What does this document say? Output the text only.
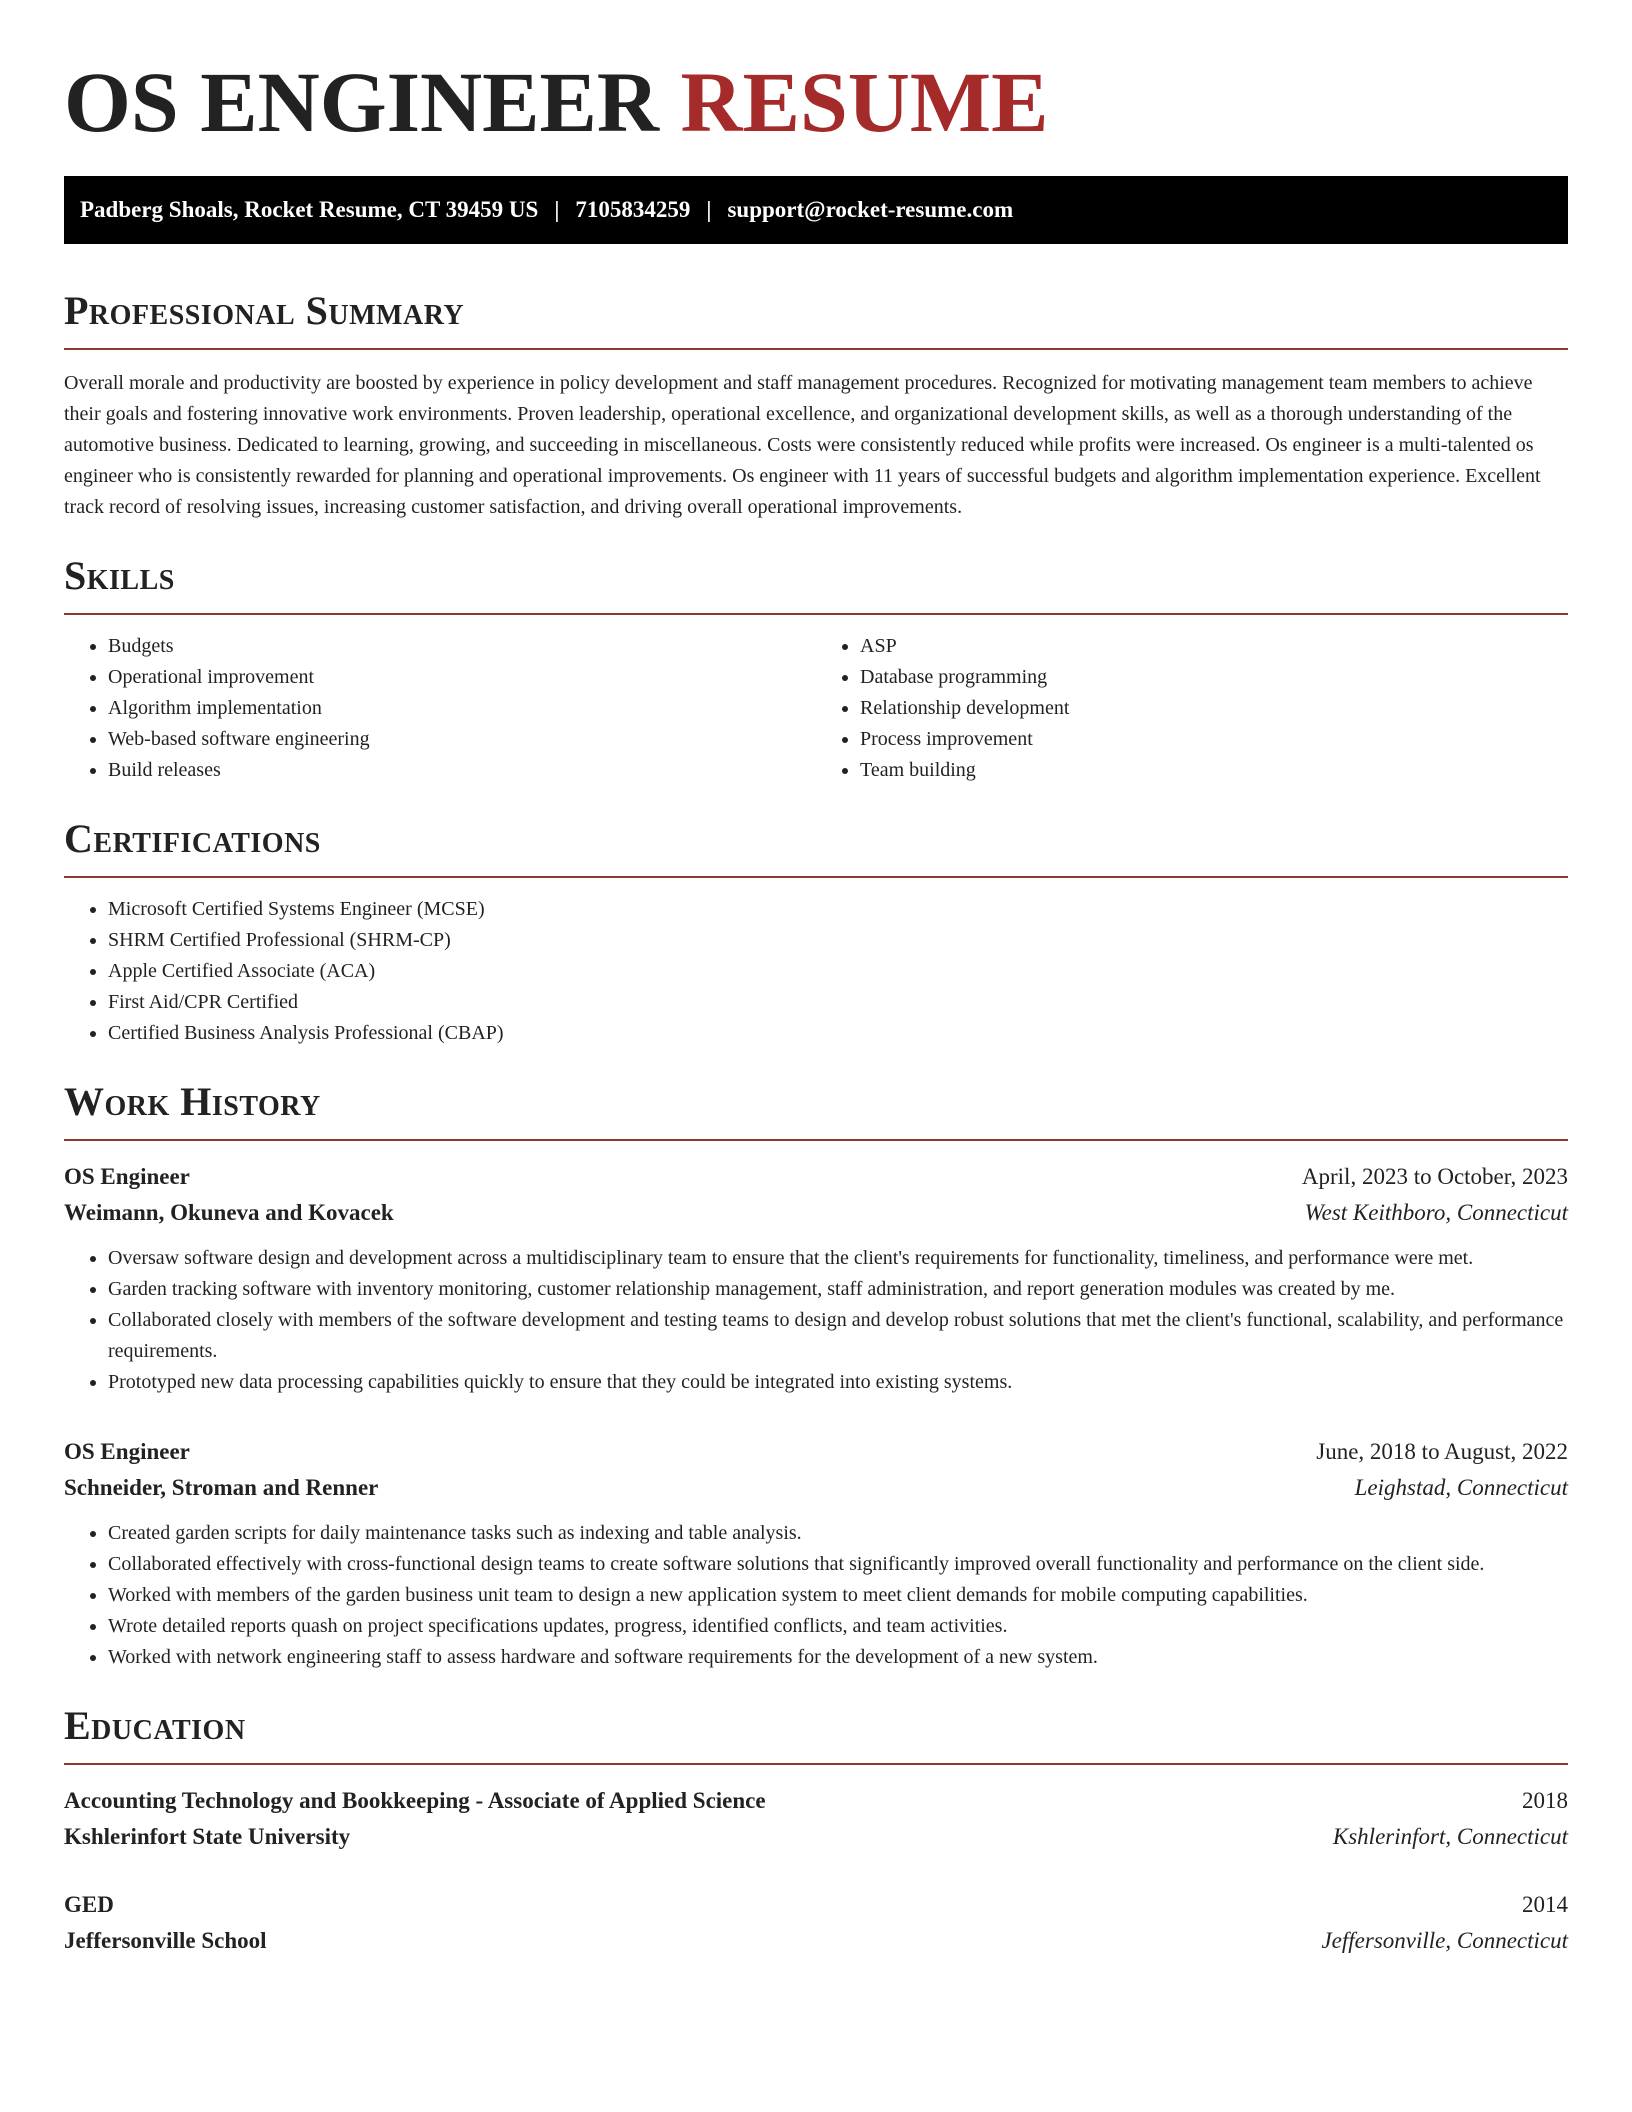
OS ENGINEER RESUME
Padberg Shoals, Rocket Resume, CT 39459 US | 7105834259 | support@rocket-resume.com
Professional Summary

Overall morale and productivity are boosted by experience in policy development and staff management procedures. Recognized for motivating management team members to achieve their goals and fostering innovative work environments. Proven leadership, operational excellence, and organizational development skills, as well as a thorough understanding of the automotive business. Dedicated to learning, growing, and succeeding in miscellaneous. Costs were consistently reduced while profits were increased. Os engineer is a multi-talented os engineer who is consistently rewarded for planning and operational improvements. Os engineer with 11 years of successful budgets and algorithm implementation experience. Excellent track record of resolving issues, increasing customer satisfaction, and driving overall operational improvements.

Skills
• Budgets
• Operational improvement
• Algorithm implementation
• Web-based software engineering
• Build releases
• ASP
• Database programming
• Relationship development
• Process improvement
• Team building
Certifications
• Microsoft Certified Systems Engineer (MCSE)
• SHRM Certified Professional (SHRM-CP)
• Apple Certified Associate (ACA)
• First Aid/CPR Certified
• Certified Business Analysis Professional (CBAP)
Work History
OS Engineer	April, 2023 to October, 2023
Weimann, Okuneva and Kovacek	West Keithboro, Connecticut
• Oversaw software design and development across a multidisciplinary team to ensure that the client's requirements for functionality, timeliness, and performance were met.
• Garden tracking software with inventory monitoring, customer relationship management, staff administration, and report generation modules was created by me.
• Collaborated closely with members of the software development and testing teams to design and develop robust solutions that met the client's functional, scalability, and performance requirements.
• Prototyped new data processing capabilities quickly to ensure that they could be integrated into existing systems.
OS Engineer	June, 2018 to August, 2022
Schneider, Stroman and Renner	Leighstad, Connecticut
• Created garden scripts for daily maintenance tasks such as indexing and table analysis.
• Collaborated effectively with cross-functional design teams to create software solutions that significantly improved overall functionality and performance on the client side.
• Worked with members of the garden business unit team to design a new application system to meet client demands for mobile computing capabilities.
• Wrote detailed reports quash on project specifications updates, progress, identified conflicts, and team activities.
• Worked with network engineering staff to assess hardware and software requirements for the development of a new system.
Education
Accounting Technology and Bookkeeping - Associate of Applied Science	2018
Kshlerinfort State University	Kshlerinfort, Connecticut
GED	2014
Jeffersonville School	Jeffersonville, Connecticut
